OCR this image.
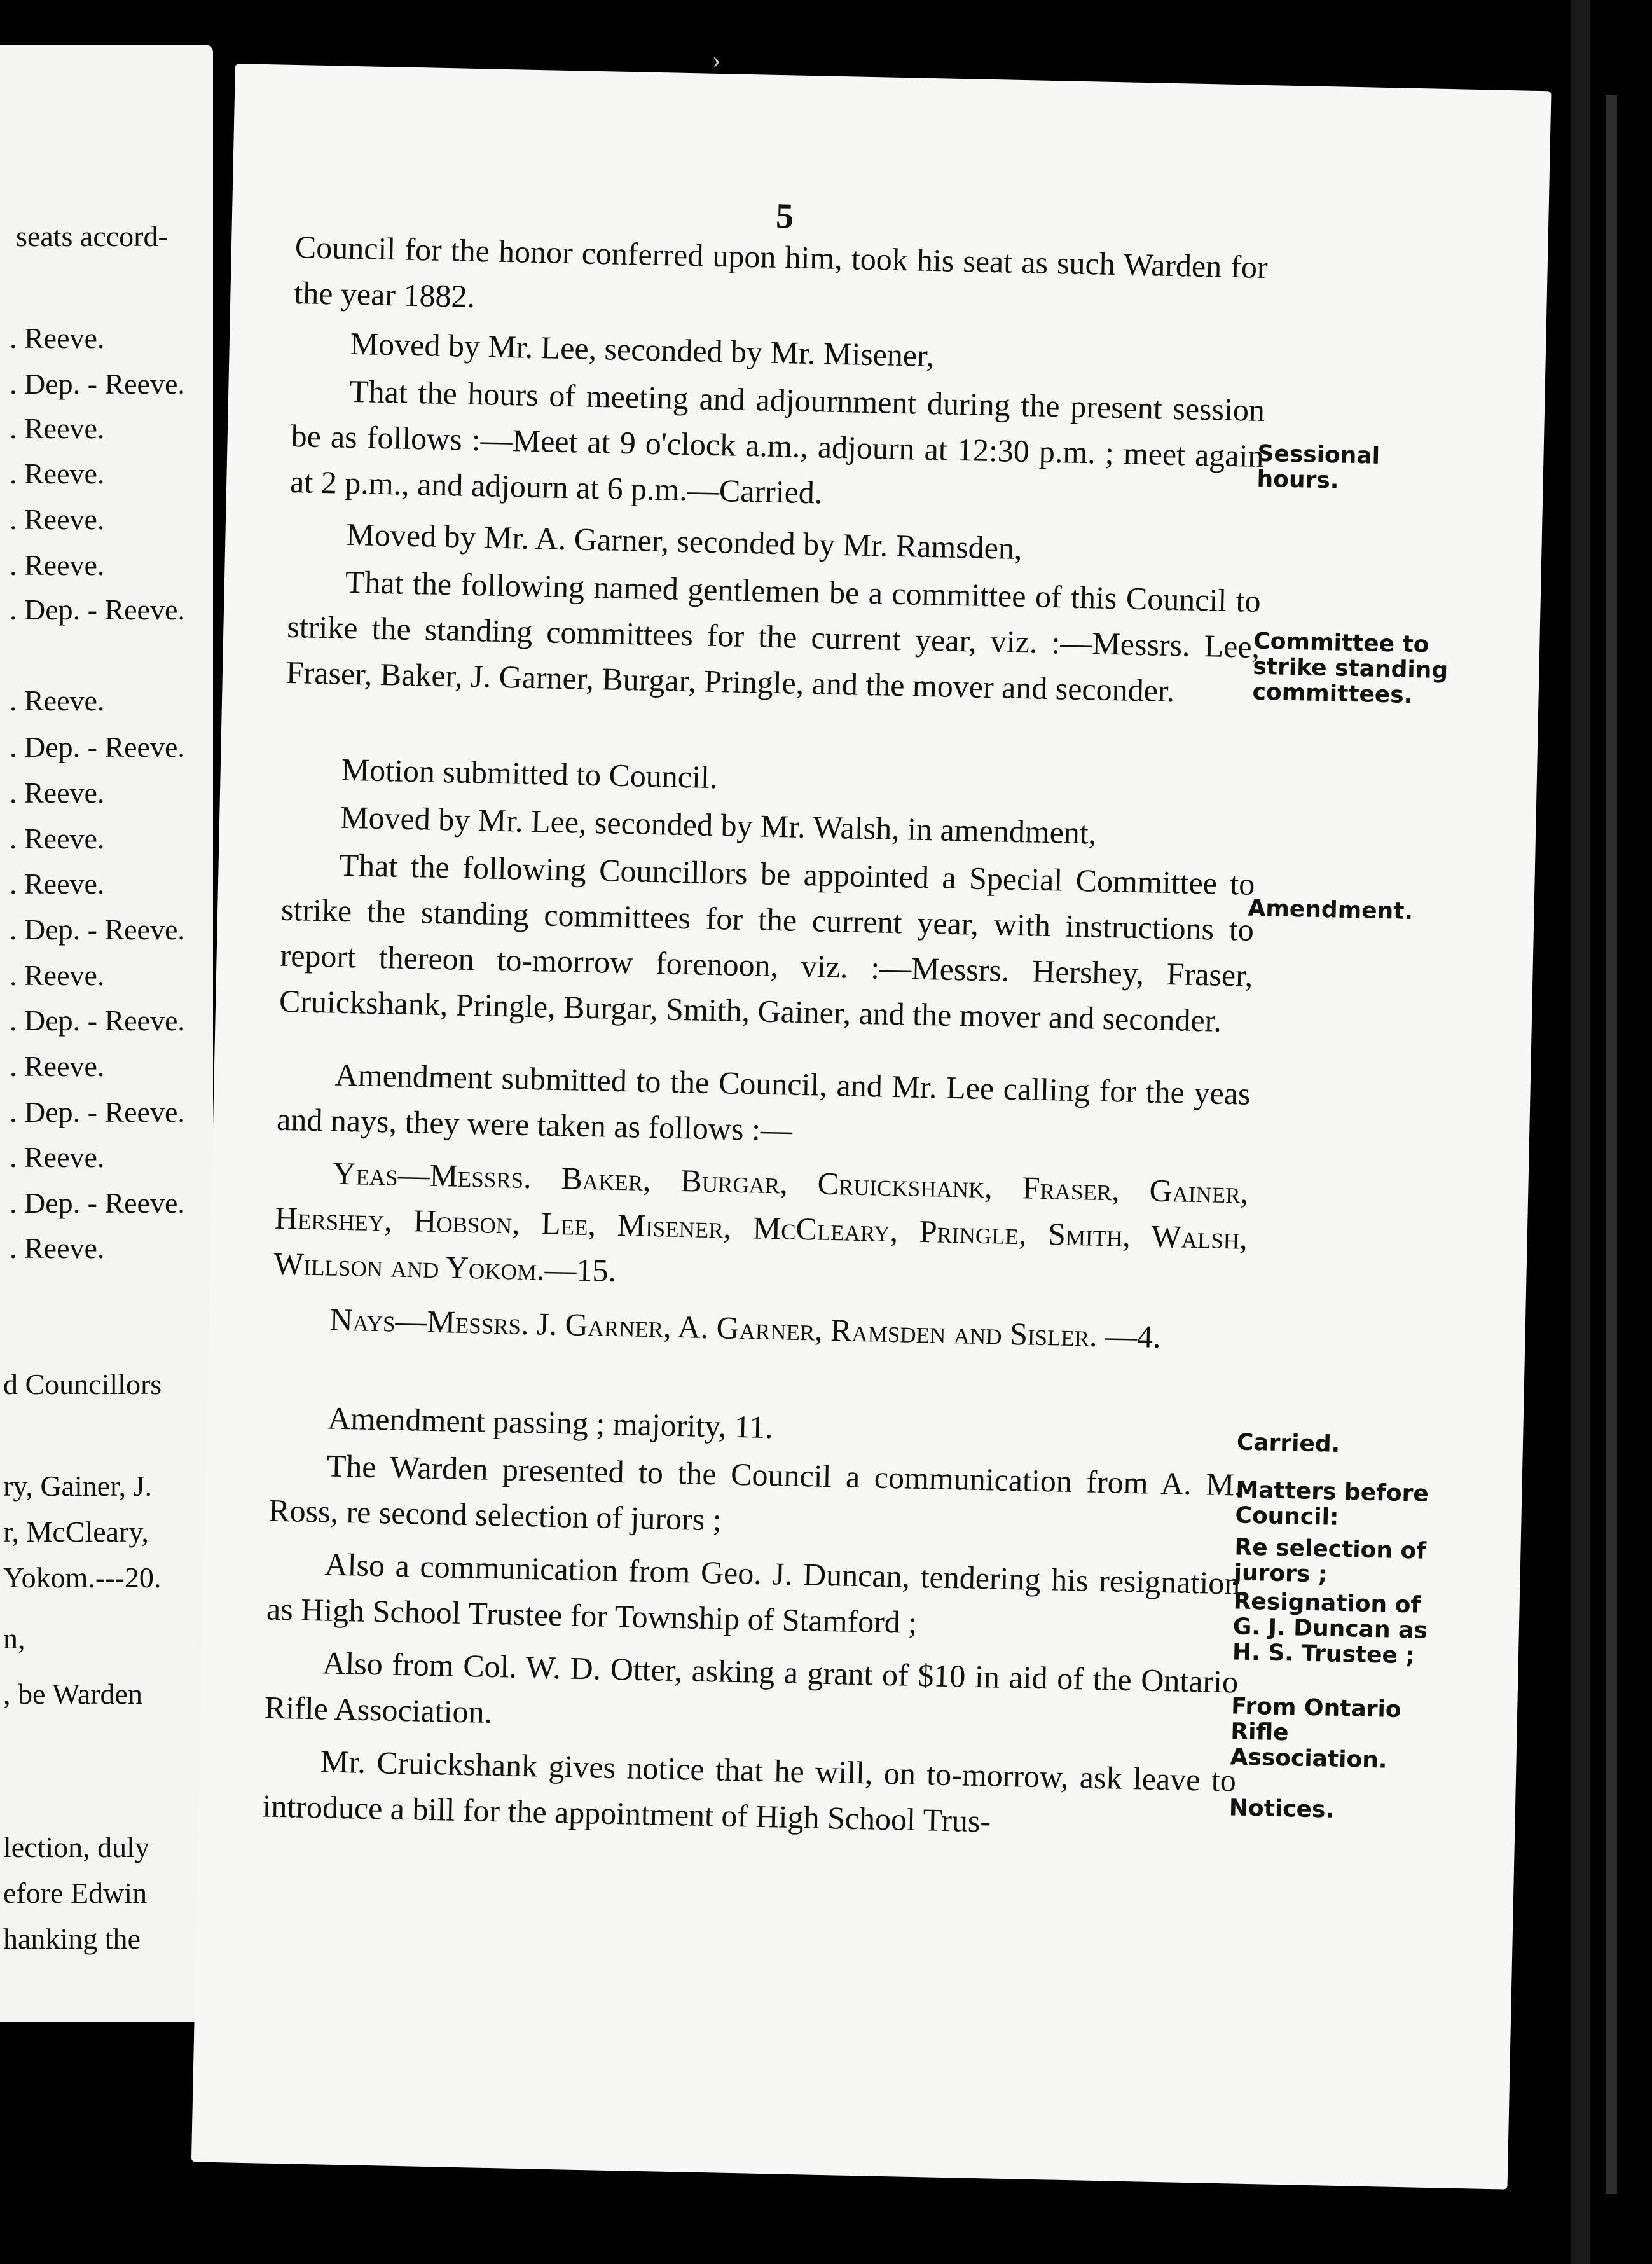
›
seats accord-
. Reeve.
. Dep. - Reeve.
. Reeve.
. Reeve.
. Reeve.
. Reeve.
. Dep. - Reeve.
. Reeve.
. Dep. - Reeve.
. Reeve.
. Reeve.
. Reeve.
. Dep. - Reeve.
. Reeve.
. Dep. - Reeve.
. Reeve.
. Dep. - Reeve.
. Reeve.
. Dep. - Reeve.
. Reeve.
d Councillors
ry, Gainer, J.
r, McCleary,
Yokom.---20.
n,
, be Warden
lection, duly
efore Edwin
hanking the
5
Council for the honor conferred upon him, took his seat as such Warden for the year 1882.
Moved by Mr. Lee, seconded by Mr. Misener,
That the hours of meeting and adjournment during the present session be as follows :—Meet at 9 o'clock a.m., adjourn at 12:30 p.m. ; meet again at 2 p.m., and adjourn at 6 p.m.—Carried.
Moved by Mr. A. Garner, seconded by Mr. Ramsden,
That the following named gentlemen be a committee of this Council to strike the standing committees for the current year, viz. :—Messrs. Lee, Fraser, Baker, J. Garner, Burgar, Pringle, and the mover and seconder.
Motion submitted to Council.
Moved by Mr. Lee, seconded by Mr. Walsh, in amendment,
That the following Councillors be appointed a Special Committee to strike the standing committees for the current year, with instructions to report thereon to-morrow forenoon, viz. :—Messrs. Hershey, Fraser, Cruickshank, Pringle, Burgar, Smith, Gainer, and the mover and seconder.
Amendment submitted to the Council, and Mr. Lee calling for the yeas and nays, they were taken as follows :—
Yeas—Messrs. Baker, Burgar, Cruickshank, Fraser, Gainer, Hershey, Hobson, Lee, Misener, McCleary, Pringle, Smith, Walsh, Willson and Yokom.—15.
Nays—Messrs. J. Garner, A. Garner, Ramsden and Sisler. —4.
Amendment passing ; majority, 11.
The Warden presented to the Council a communication from A. M. Ross, re second selection of jurors ;
Also a communication from Geo. J. Duncan, tendering his resignation as High School Trustee for Township of Stamford ;
Also from Col. W. D. Otter, asking a grant of $10 in aid of the Ontario Rifle Association.
Mr. Cruickshank gives notice that he will, on to-morrow, ask leave to introduce a bill for the appointment of High School Trus-
Sessional hours.
Committee to strike standing committees.
Amendment.
Carried.
Matters before Council:
Re selection of jurors ;
Resignation of G. J. Duncan as H. S. Trustee ;
From Ontario Rifle Association.
Notices.
